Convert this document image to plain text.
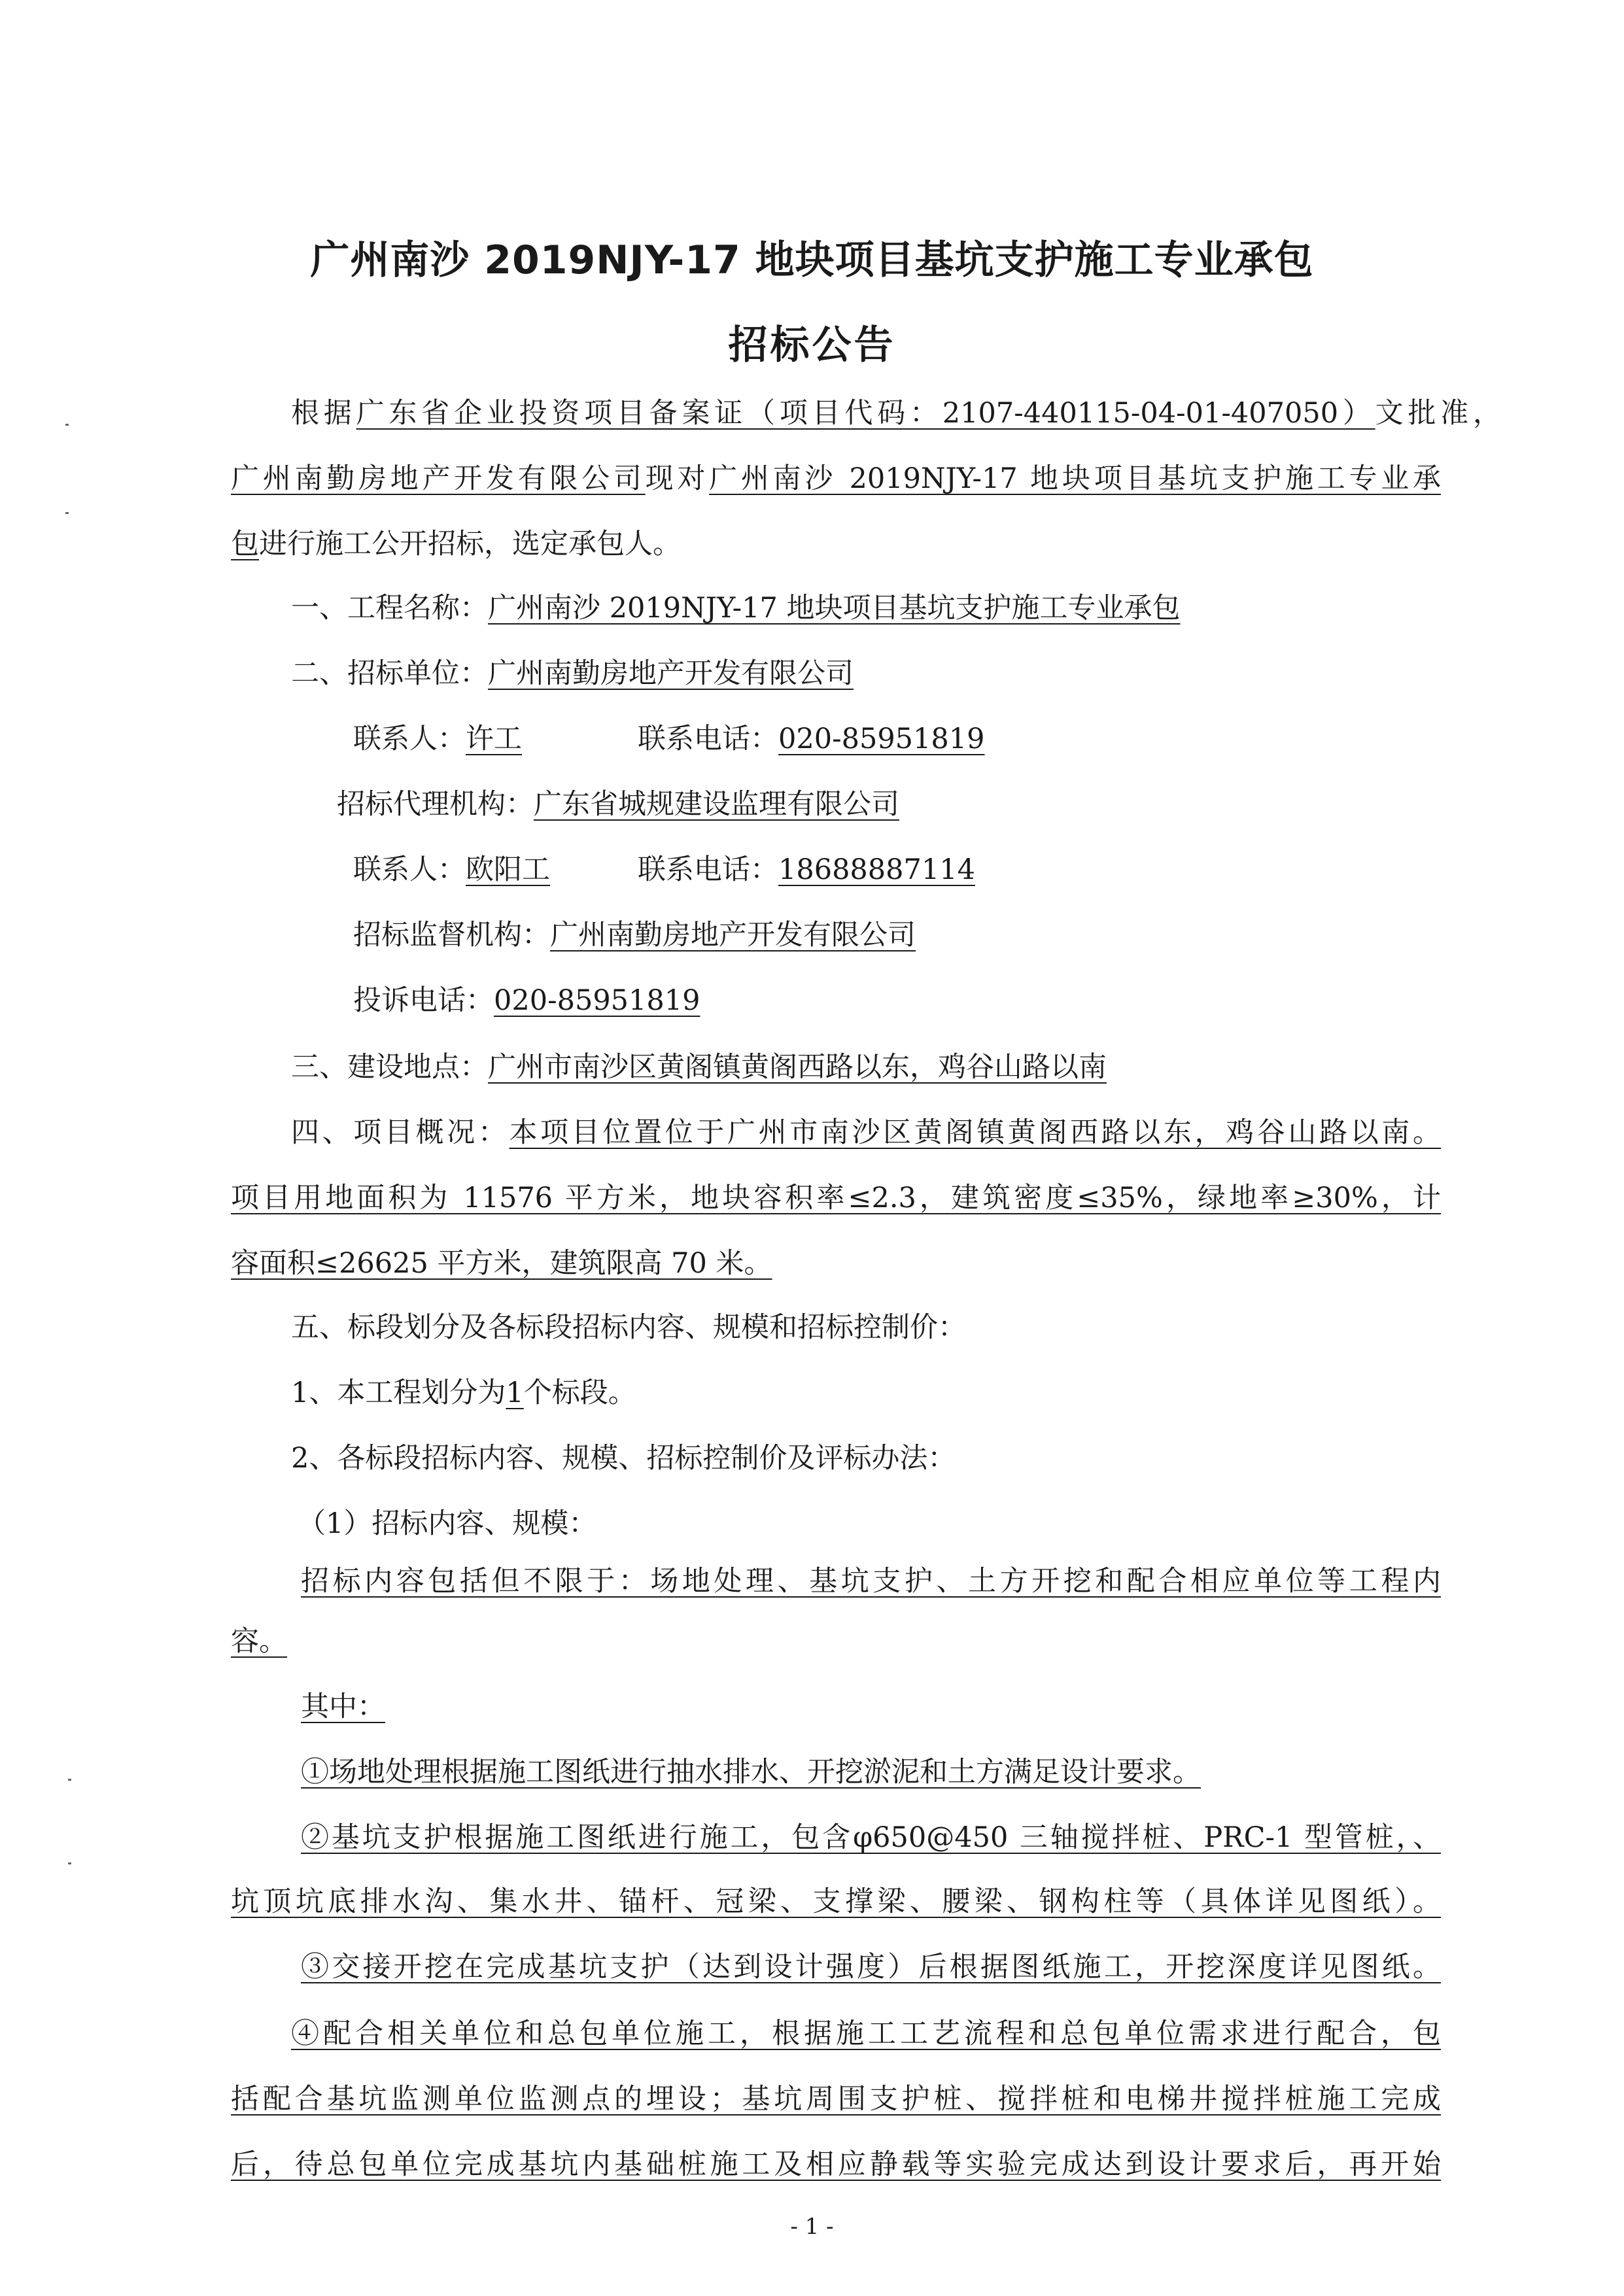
广州南沙 2019NJY-17 地块项目基坑支护施工专业承包
招标公告
根据广东省企业投资项目备案证（项目代码：2107-440115-04-01-407050）文批准，
广州南勤房地产开发有限公司现对广州南沙 2019NJY-17 地块项目基坑支护施工专业承
包进行施工公开招标，选定承包人。
一、工程名称：广州南沙 2019NJY-17 地块项目基坑支护施工专业承包
二、招标单位：广州南勤房地产开发有限公司
联系人：许工	联系电话：020-85951819
招标代理机构：广东省城规建设监理有限公司
联系人：欧阳工	联系电话：18688887114
招标监督机构：广州南勤房地产开发有限公司
投诉电话：020-85951819
三、建设地点：广州市南沙区黄阁镇黄阁西路以东，鸡谷山路以南
四、项目概况：本项目位置位于广州市南沙区黄阁镇黄阁西路以东，鸡谷山路以南。
项目用地面积为 11576 平方米，地块容积率≤2.3，建筑密度≤35%，绿地率≥30%，计
容面积≤26625 平方米，建筑限高 70 米。
五、标段划分及各标段招标内容、规模和招标控制价：
1、本工程划分为1个标段。
2、各标段招标内容、规模、招标控制价及评标办法：
（1）招标内容、规模：
招标内容包括但不限于：场地处理、基坑支护、土方开挖和配合相应单位等工程内
容。
其中：
①场地处理根据施工图纸进行抽水排水、开挖淤泥和土方满足设计要求。
②基坑支护根据施工图纸进行施工，包含φ650@450 三轴搅拌桩、PRC-1 型管桩，、
坑顶坑底排水沟、集水井、锚杆、冠梁、支撑梁、腰梁、钢构柱等（具体详见图纸）。
③交接开挖在完成基坑支护（达到设计强度）后根据图纸施工，开挖深度详见图纸。
④配合相关单位和总包单位施工，根据施工工艺流程和总包单位需求进行配合，包
括配合基坑监测单位监测点的埋设；基坑周围支护桩、搅拌桩和电梯井搅拌桩施工完成
后，待总包单位完成基坑内基础桩施工及相应静载等实验完成达到设计要求后，再开始
- 1 -
